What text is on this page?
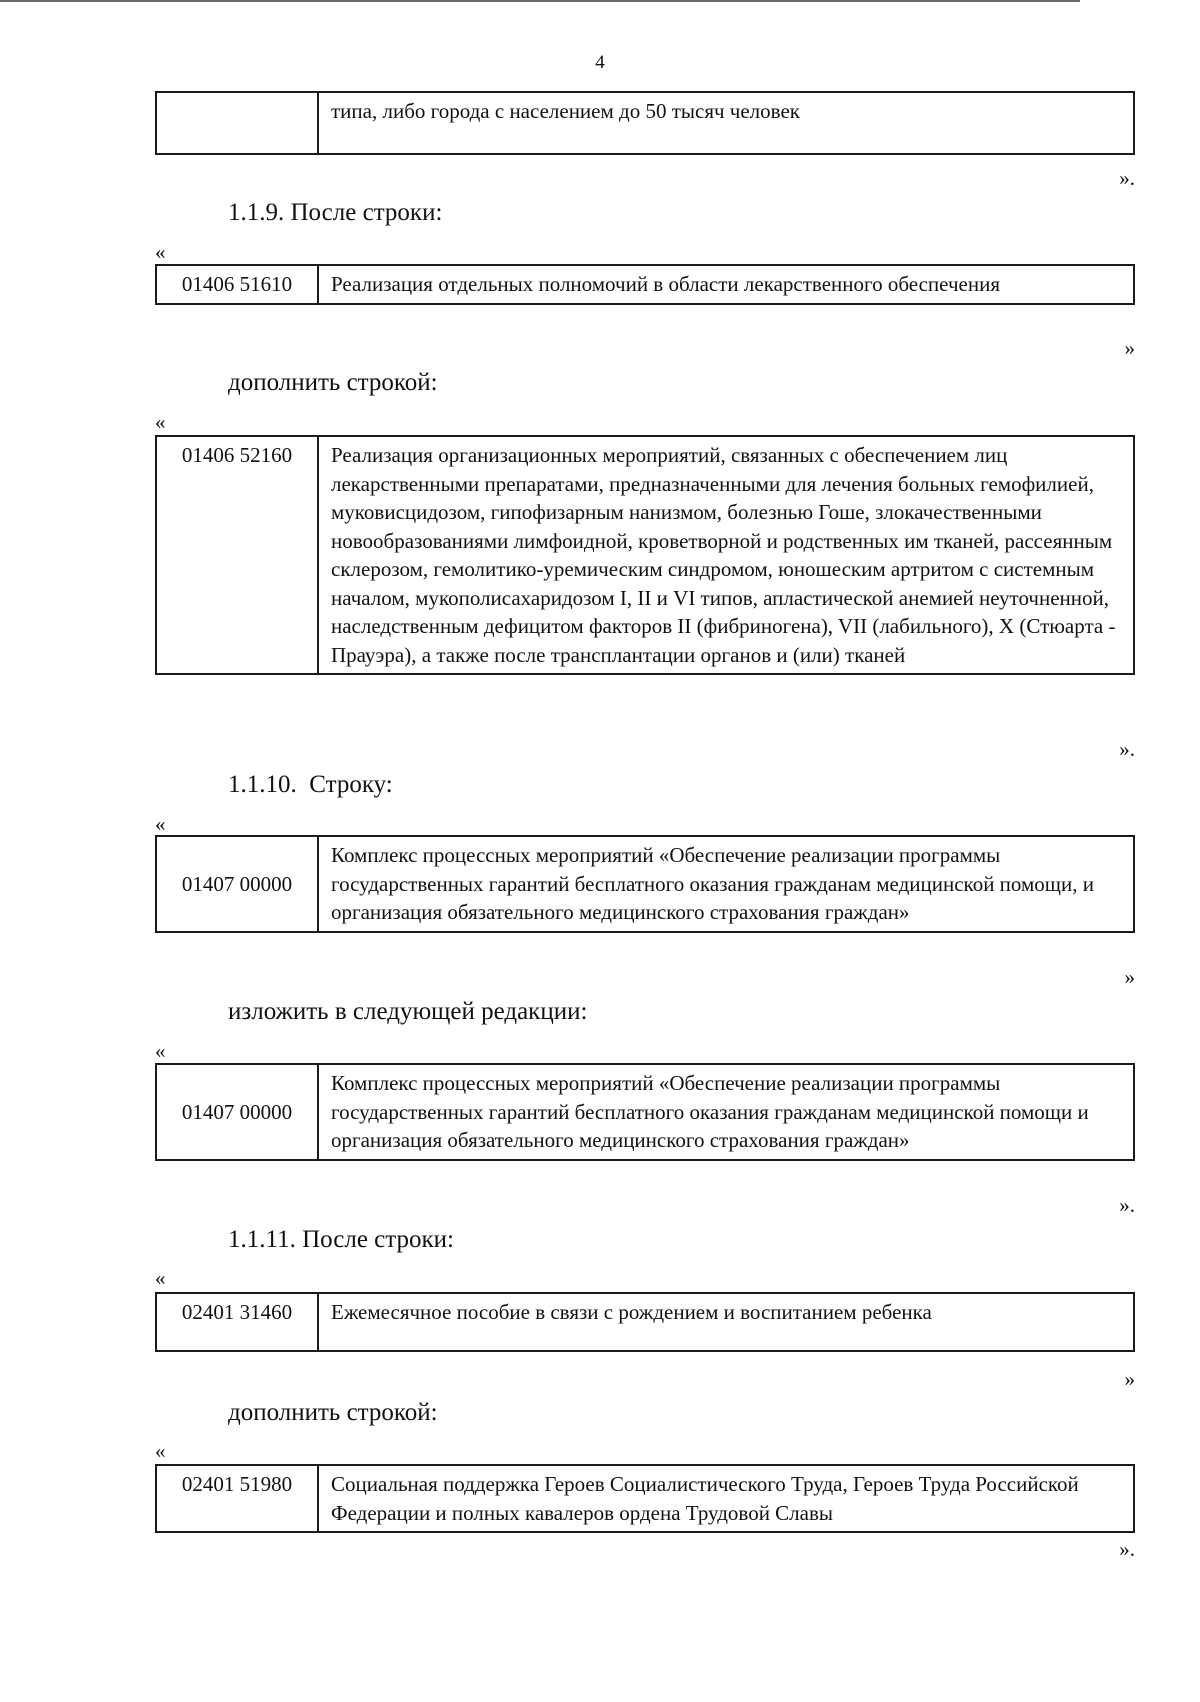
4
	типа, либо города с населением до 50 тысяч человек
».
1.1.9. После строки:
«
01406 51610	Реализация отдельных полномочий в области лекарственного обеспечения
»
дополнить строкой:
«
01406 52160	Реализация организационных мероприятий, связанных с обеспечением лиц лекарственными препаратами, предназначенными для лечения больных гемофилией, муковисцидозом, гипофизарным нанизмом, болезнью Гоше, злокачественными новообразованиями лимфоидной, кроветворной и родственных им тканей, рассеянным склерозом, гемолитико-уремическим синдромом, юношеским артритом с системным началом, мукополисахаридозом I, II и VI типов, апластической анемией неуточненной, наследственным дефицитом факторов II (фибриногена), VII (лабильного), X (Стюарта - Прауэра), а также после трансплантации органов и (или) тканей
».
1.1.10.  Строку:
«
01407 00000	Комплекс процессных мероприятий «Обеспечение реализации программы государственных гарантий бесплатного оказания гражданам медицинской помощи, и организация обязательного медицинского страхования граждан»
»
изложить в следующей редакции:
«
01407 00000	Комплекс процессных мероприятий «Обеспечение реализации программы государственных гарантий бесплатного оказания гражданам медицинской помощи и организация обязательного медицинского страхования граждан»
».
1.1.11. После строки:
«
02401 31460	Ежемесячное пособие в связи с рождением и воспитанием ребенка
»
дополнить строкой:
«
02401 51980	Социальная поддержка Героев Социалистического Труда, Героев Труда Российской Федерации и полных кавалеров ордена Трудовой Славы
».
